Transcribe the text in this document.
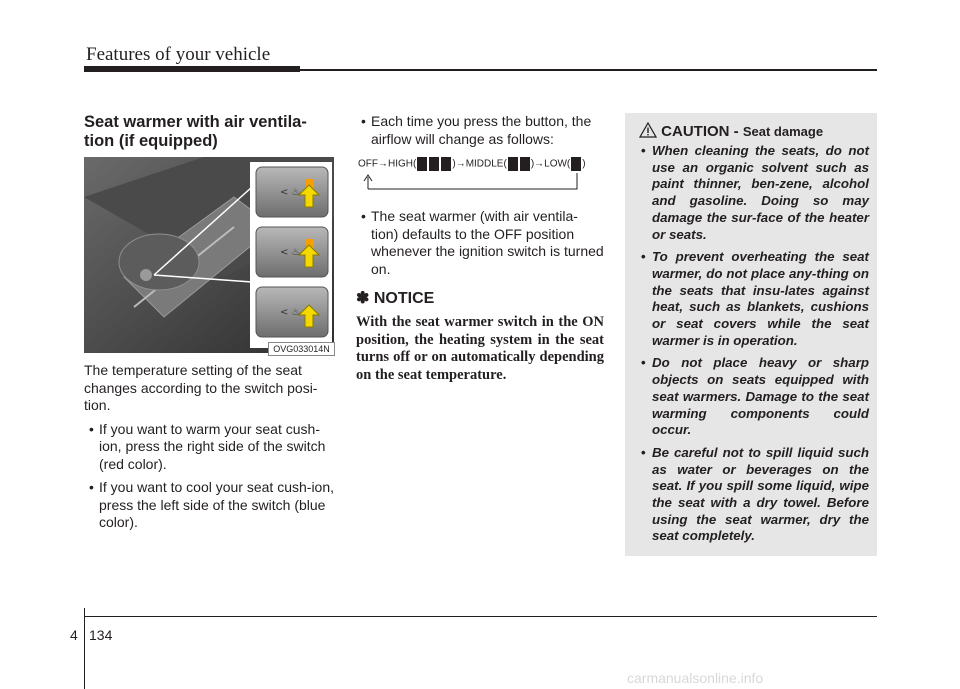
Features of your vehicle
Seat warmer with air ventila-
tion (if equipped)
< ♨
< ♨
< ♨
OVG033014N

The temperature setting of the seat changes according to the switch posi-tion.

• If you want to warm your seat cush-ion, press the right side of the switch (red color).
• If you want to cool your seat cush-ion, press the left side of the switch (blue color).
• Each time you press the button, the airflow will change as follows:
OFF→HIGH(	)→MIDDLE( )→LOW( )
• The seat warmer (with air ventila-tion) defaults to the OFF position whenever the ignition switch is turned on.
✽ NOTICE
With the seat warmer switch in the ON position, the heating system in the seat turns off or on automatically depending on the seat temperature.
CAUTION - Seat damage
• When cleaning the seats, do not use an organic solvent such as paint thinner, ben-zene, alcohol and gasoline. Doing so may damage the sur-face of the heater or seats.
• To prevent overheating the seat warmer, do not place any-thing on the seats that insu-lates against heat, such as blankets, cushions or seat covers while the seat warmer is in operation.
• Do not place heavy or sharp objects on seats equipped with seat warmers. Damage to the seat warming components could occur.
• Be careful not to spill liquid such as water or beverages on the seat. If you spill some liquid, wipe the seat with a dry towel. Before using the seat warmer, dry the seat completely.
4 134
carmanualsonline.info
